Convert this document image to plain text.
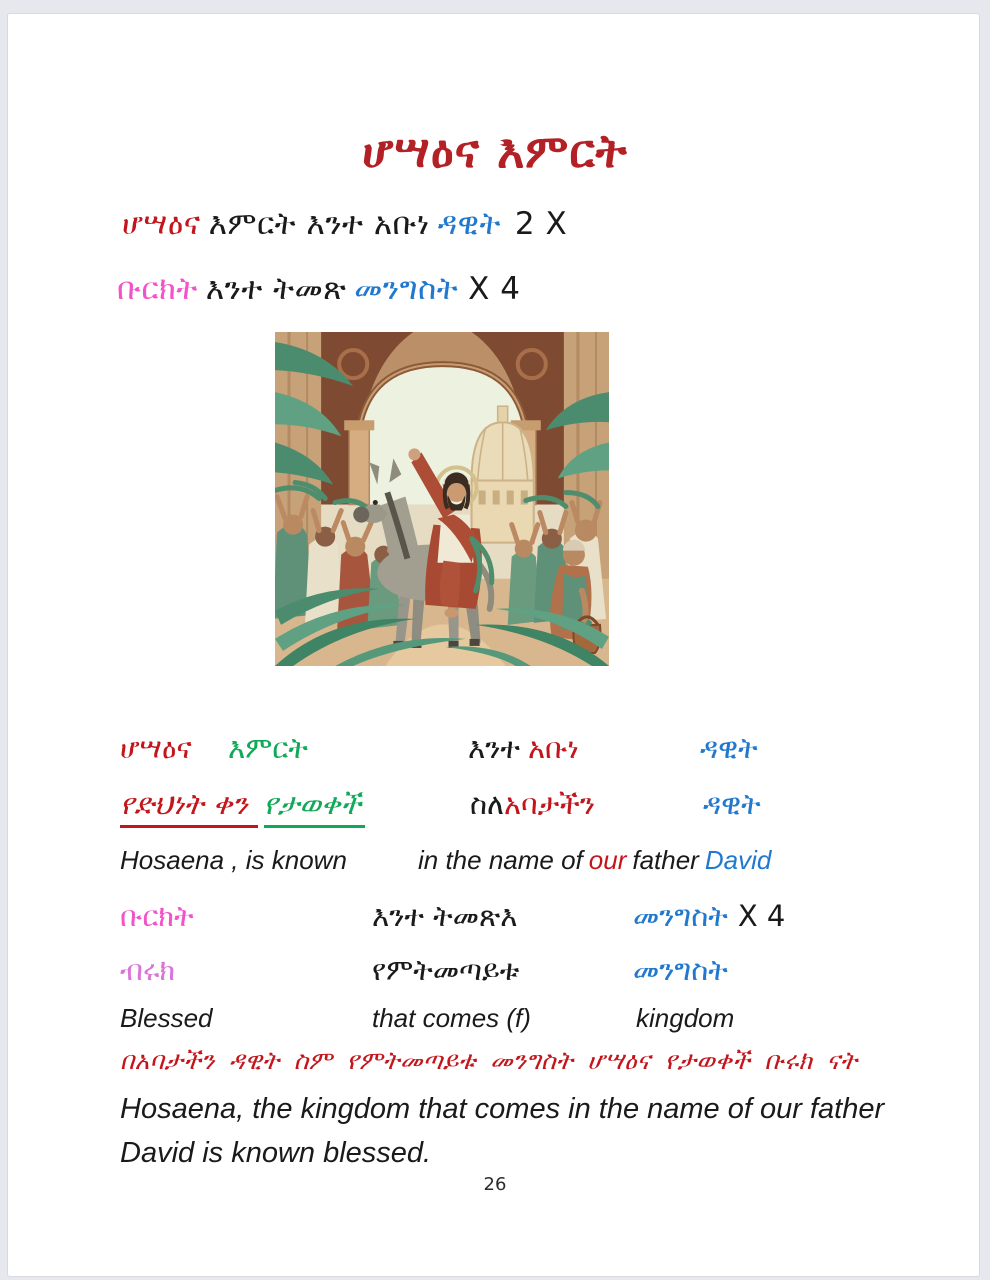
ሆሣዕና እምርት
ሆሣዕና እምርት እንተ አቡነ ዳዊት 2 X
ቡርክት እንተ ትመጽ መንግስት X 4
ሆሣዕና እምርት	እንተ አቡነ	ዳዊት
የድህነት ቀን የታወቀች	ስለአባታችን	ዳዊት
Hosaena , is known	in the name of our father David
ቡርክት	እንተ ትመጽእ	መንግስት X 4
ብሩክ	የምትመጣይቱ	መንግስት
Blessed	that comes (f)	kingdom
በአባታችን ዳዊት ስም የምትመጣይቱ መንግስት ሆሣዕና የታወቀች ቡሩክ ናት
Hosaena, the kingdom that comes in the name of our father David is known blessed.
26
